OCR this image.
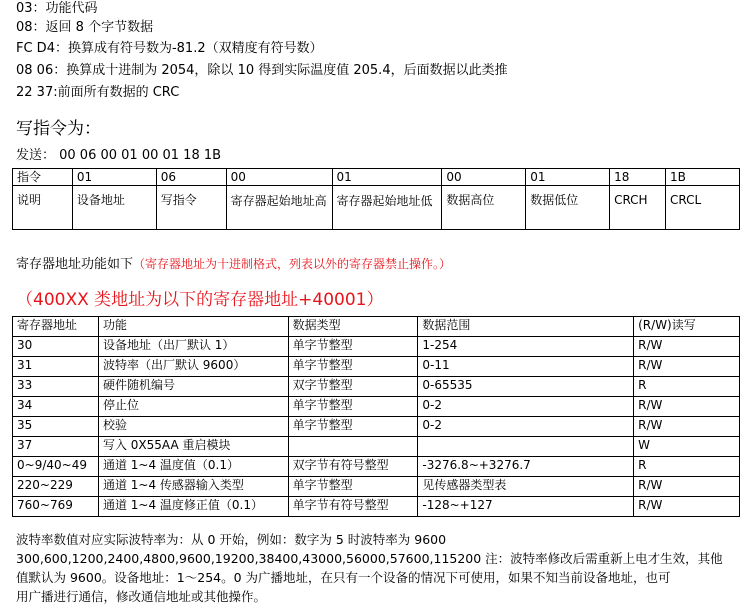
03：功能代码
08：返回 8 个字节数据
FC D4：换算成有符号数为-81.2（双精度有符号数）
08 06：换算成十进制为 2054，除以 10 得到实际温度值 205.4，后面数据以此类推
22 37:前面所有数据的 CRC
写指令为：
发送： 00 06 00 01 00 01 18 1B
指令	01	06	00	01	00	01	18	1B
说明	设备地址	写指令	寄存器起始地址高	寄存器起始地址低	数据高位	数据低位	CRCH	CRCL
寄存器地址功能如下（寄存器地址为十进制格式，列表以外的寄存器禁止操作。）
（400XX 类地址为以下的寄存器地址+40001）
寄存器地址	功能	数据类型	数据范围	(R/W)读写
30	设备地址（出厂默认 1）	单字节整型	1-254	R/W
31	波特率（出厂默认 9600）	单字节整型	0-11	R/W
33	硬件随机编号	双字节整型	0-65535	R
34	停止位	单字节整型	0-2	R/W
35	校验	单字节整型	0-2	R/W
37	写入 0X55AA 重启模块			W
0~9/40~49	通道 1~4 温度值（0.1）	双字节有符号整型	-3276.8~+3276.7	R
220~229	通道 1~4 传感器输入类型	单字节整型	见传感器类型表	R/W
760~769	通道 1~4 温度修正值（0.1）	单字节有符号整型	-128~+127	R/W
波特率数值对应实际波特率为：从 0 开始，例如：数字为 5 时波特率为 9600
300,600,1200,2400,4800,9600,19200,38400,43000,56000,57600,115200 注：波特率修改后需重新上电才生效，其他
值默认为 9600。设备地址：1～254。0 为广播地址，在只有一个设备的情况下可使用，如果不知当前设备地址，也可
用广播进行通信，修改通信地址或其他操作。
